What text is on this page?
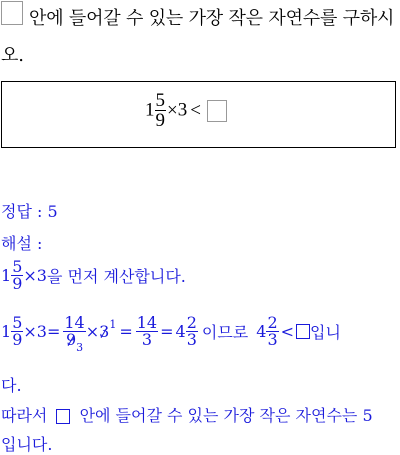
안에 들어갈 수 있는 가장 작은 자연수를 구하시
오.
$1 \frac{5}{9} \times 3$ <
정답 : 5
해설 :
$1 \frac{5}{9} \times 3$을 먼저 계산합니다.
$1 \frac{5}{9} \times 3= \frac{14}{9_3} \times 3^1 = \frac{14}{3} = 4 \frac{2}{3}$ 이므로 $4 \frac{2}{3}$ < 입니
다.
따라서 안에 들어갈 수 있는 가장 작은 자연수는 5
입니다.
